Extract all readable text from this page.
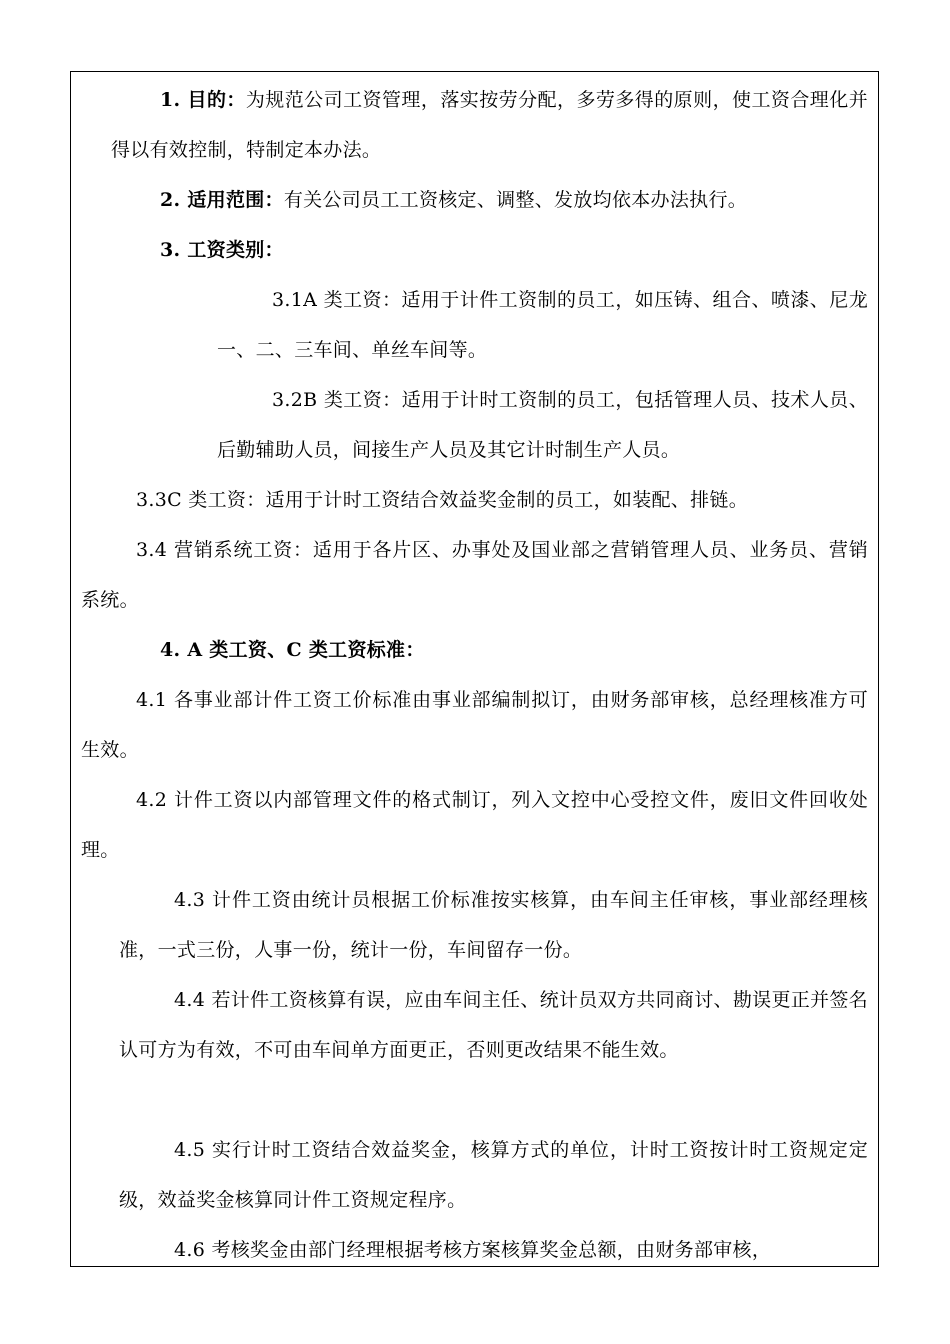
1. 目的：为规范公司工资管理，落实按劳分配，多劳多得的原则，使工资合理化并得以有效控制，特制定本办法。

2. 适用范围：有关公司员工工资核定、调整、发放均依本办法执行。

3. 工资类别：

3.1A 类工资：适用于计件工资制的员工，如压铸、组合、喷漆、尼龙一、二、三车间、单丝车间等。

3.2B 类工资：适用于计时工资制的员工，包括管理人员、技术人员、后勤辅助人员，间接生产人员及其它计时制生产人员。

3.3C 类工资：适用于计时工资结合效益奖金制的员工，如装配、排链。

3.4 营销系统工资：适用于各片区、办事处及国业部之营销管理人员、业务员、营销系统。

4. A 类工资、C 类工资标准：

4.1 各事业部计件工资工价标准由事业部编制拟订，由财务部审核，总经理核准方可生效。

4.2 计件工资以内部管理文件的格式制订，列入文控中心受控文件，废旧文件回收处理。

4.3 计件工资由统计员根据工价标准按实核算，由车间主任审核，事业部经理核准，一式三份，人事一份，统计一份，车间留存一份。

4.4 若计件工资核算有误，应由车间主任、统计员双方共同商讨、勘误更正并签名认可方为有效，不可由车间单方面更正，否则更改结果不能生效。

4.5 实行计时工资结合效益奖金，核算方式的单位，计时工资按计时工资规定定级，效益奖金核算同计件工资规定程序。

4.6 考核奖金由部门经理根据考核方案核算奖金总额，由财务部审核，
